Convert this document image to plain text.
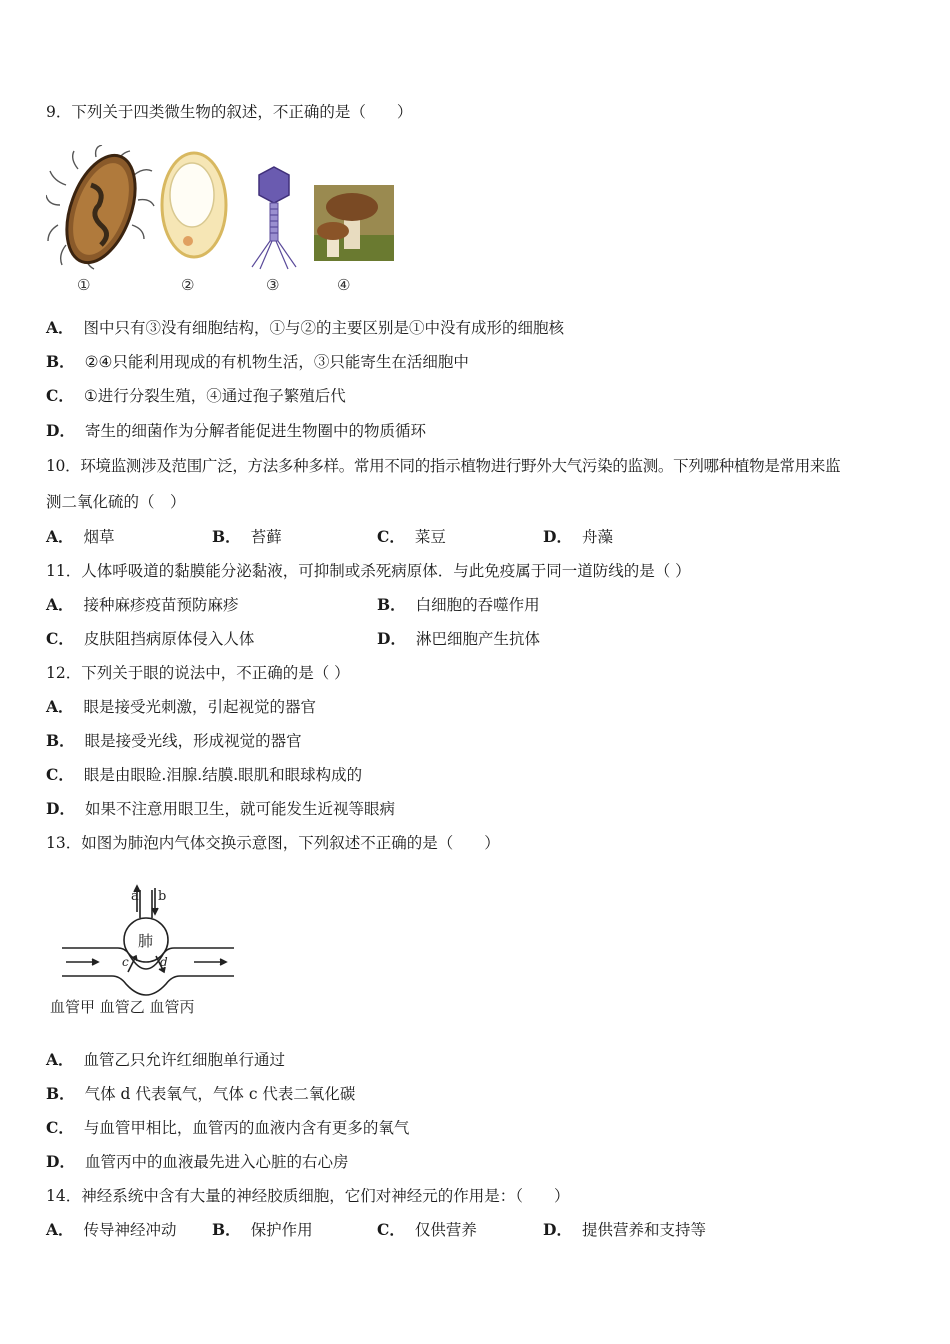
9．下列关于四类微生物的叙述，不正确的是（　　）
①	②	③	④
A． 图中只有③没有细胞结构，①与②的主要区别是①中没有成形的细胞核
B． ②④只能利用现成的有机物生活，③只能寄生在活细胞中
C． ①进行分裂生殖，④通过孢子繁殖后代
D． 寄生的细菌作为分解者能促进生物圈中的物质循环
10．环境监测涉及范围广泛，方法多种多样。常用不同的指示植物进行野外大气污染的监测。下列哪种植物是常用来监
测二氧化硫的（　）
A． 烟草	B． 苔藓	C． 菜豆	D． 舟藻
11．人体呼吸道的黏膜能分泌黏液，可抑制或杀死病原体．与此免疫属于同一道防线的是（ ）
A． 接种麻疹疫苗预防麻疹	B． 白细胞的吞噬作用
C． 皮肤阻挡病原体侵入人体	D． 淋巴细胞产生抗体
12．下列关于眼的说法中，不正确的是（ ）
A． 眼是接受光刺激，引起视觉的器官
B． 眼是接受光线，形成视觉的器官
C． 眼是由眼睑.泪腺.结膜.眼肌和眼球构成的
D． 如果不注意用眼卫生，就可能发生近视等眼病
13．如图为肺泡内气体交换示意图，下列叙述不正确的是（　　）
a b
肺
c	d
血管甲 血管乙 血管丙
A． 血管乙只允许红细胞单行通过
B． 气体 d 代表氧气，气体 c 代表二氧化碳
C． 与血管甲相比，血管丙的血液内含有更多的氧气
D． 血管丙中的血液最先进入心脏的右心房
14．神经系统中含有大量的神经胶质细胞，它们对神经元的作用是：（　　）
A． 传导神经冲动 B． 保护作用	C． 仅供营养	D． 提供营养和支持等
